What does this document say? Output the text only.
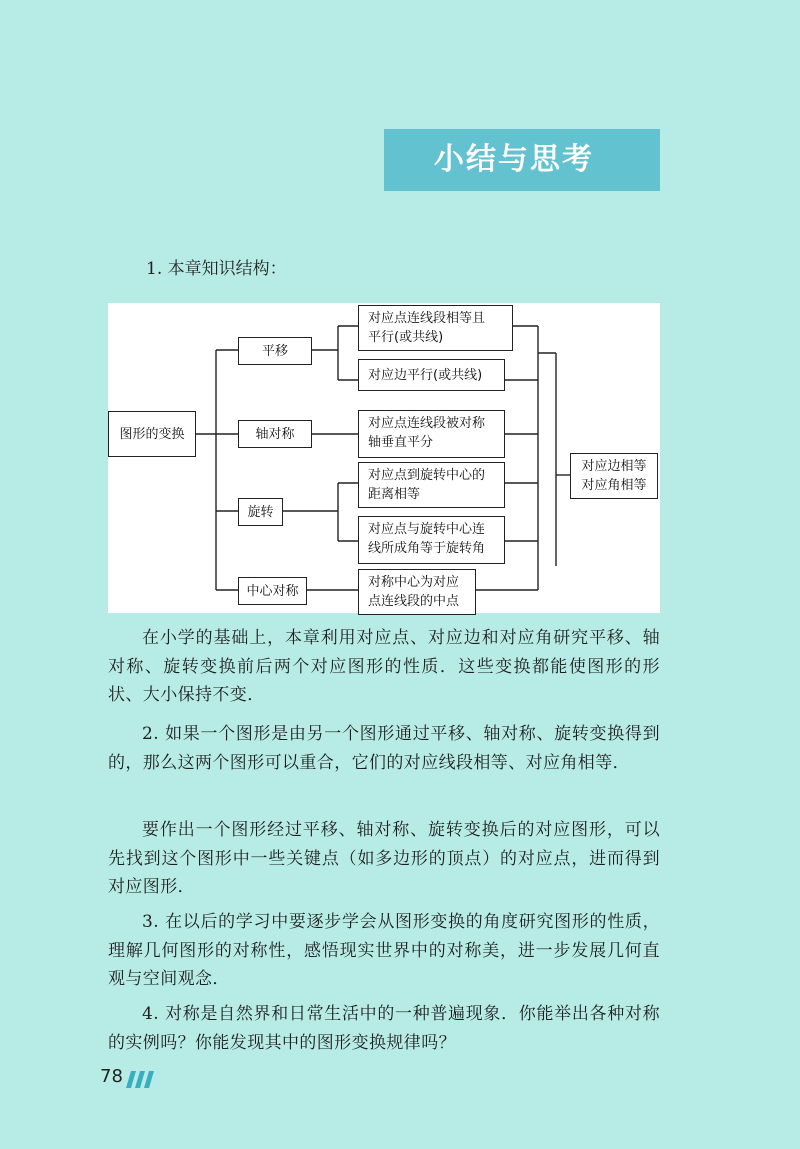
小结与思考
1. 本章知识结构：
图形的变换
平移
轴对称
旋转
中心对称
对应点连线段相等且
平行(或共线)
对应边平行(或共线)
对应点连线段被对称
轴垂直平分
对应点到旋转中心的
距离相等
对应点与旋转中心连
线所成角等于旋转角
对称中心为对应
点连线段的中点
对应边相等
对应角相等

在小学的基础上，本章利用对应点、对应边和对应角研究平移、轴对称、旋转变换前后两个对应图形的性质．这些变换都能使图形的形状、大小保持不变．

2. 如果一个图形是由另一个图形通过平移、轴对称、旋转变换得到的，那么这两个图形可以重合，它们的对应线段相等、对应角相等．

要作出一个图形经过平移、轴对称、旋转变换后的对应图形，可以先找到这个图形中一些关键点（如多边形的顶点）的对应点，进而得到对应图形．

3. 在以后的学习中要逐步学会从图形变换的角度研究图形的性质，理解几何图形的对称性，感悟现实世界中的对称美，进一步发展几何直观与空间观念．

4. 对称是自然界和日常生活中的一种普遍现象．你能举出各种对称的实例吗？你能发现其中的图形变换规律吗？

78
